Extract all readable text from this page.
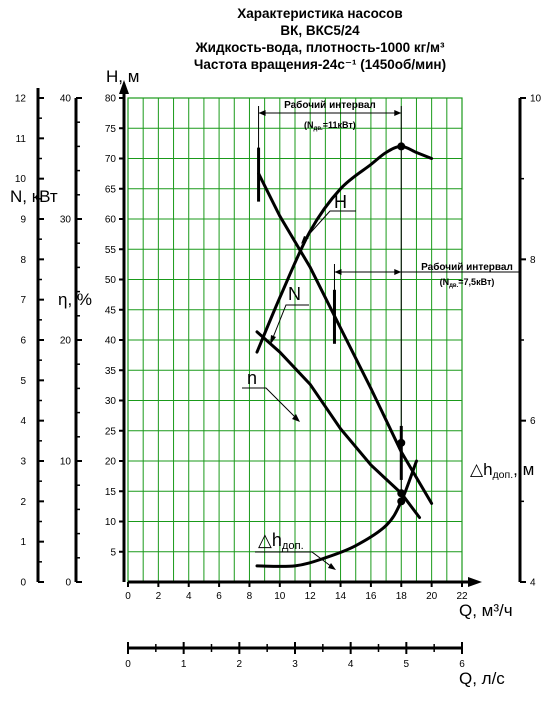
Характеристика насосов
ВК, ВКС5/24
Жидкость-вода, плотность-1000 кг/м³
Частота вращения-24с⁻¹ (1450об/мин)
0 2 4 6 8 10 12 14 16 18 20 22
Q, м³/ч
0	1	2	3	4	5	6
Q, л/с
5
10
15
20
25
30
35
40
45
50
55
60
65
70
75
80
H, м
0
1
2
3
4
5
6
7
8
9
10
11
12
N, кВт
0
10
20
30
40
η, %
4
6
8
10
△hдоп., м
Рабочий интервал
$(N_{дв.}=11кВт)$
Рабочий интервал
$(N_{дв.}=7,5кВт)$
H
N
n
△hдоп.
